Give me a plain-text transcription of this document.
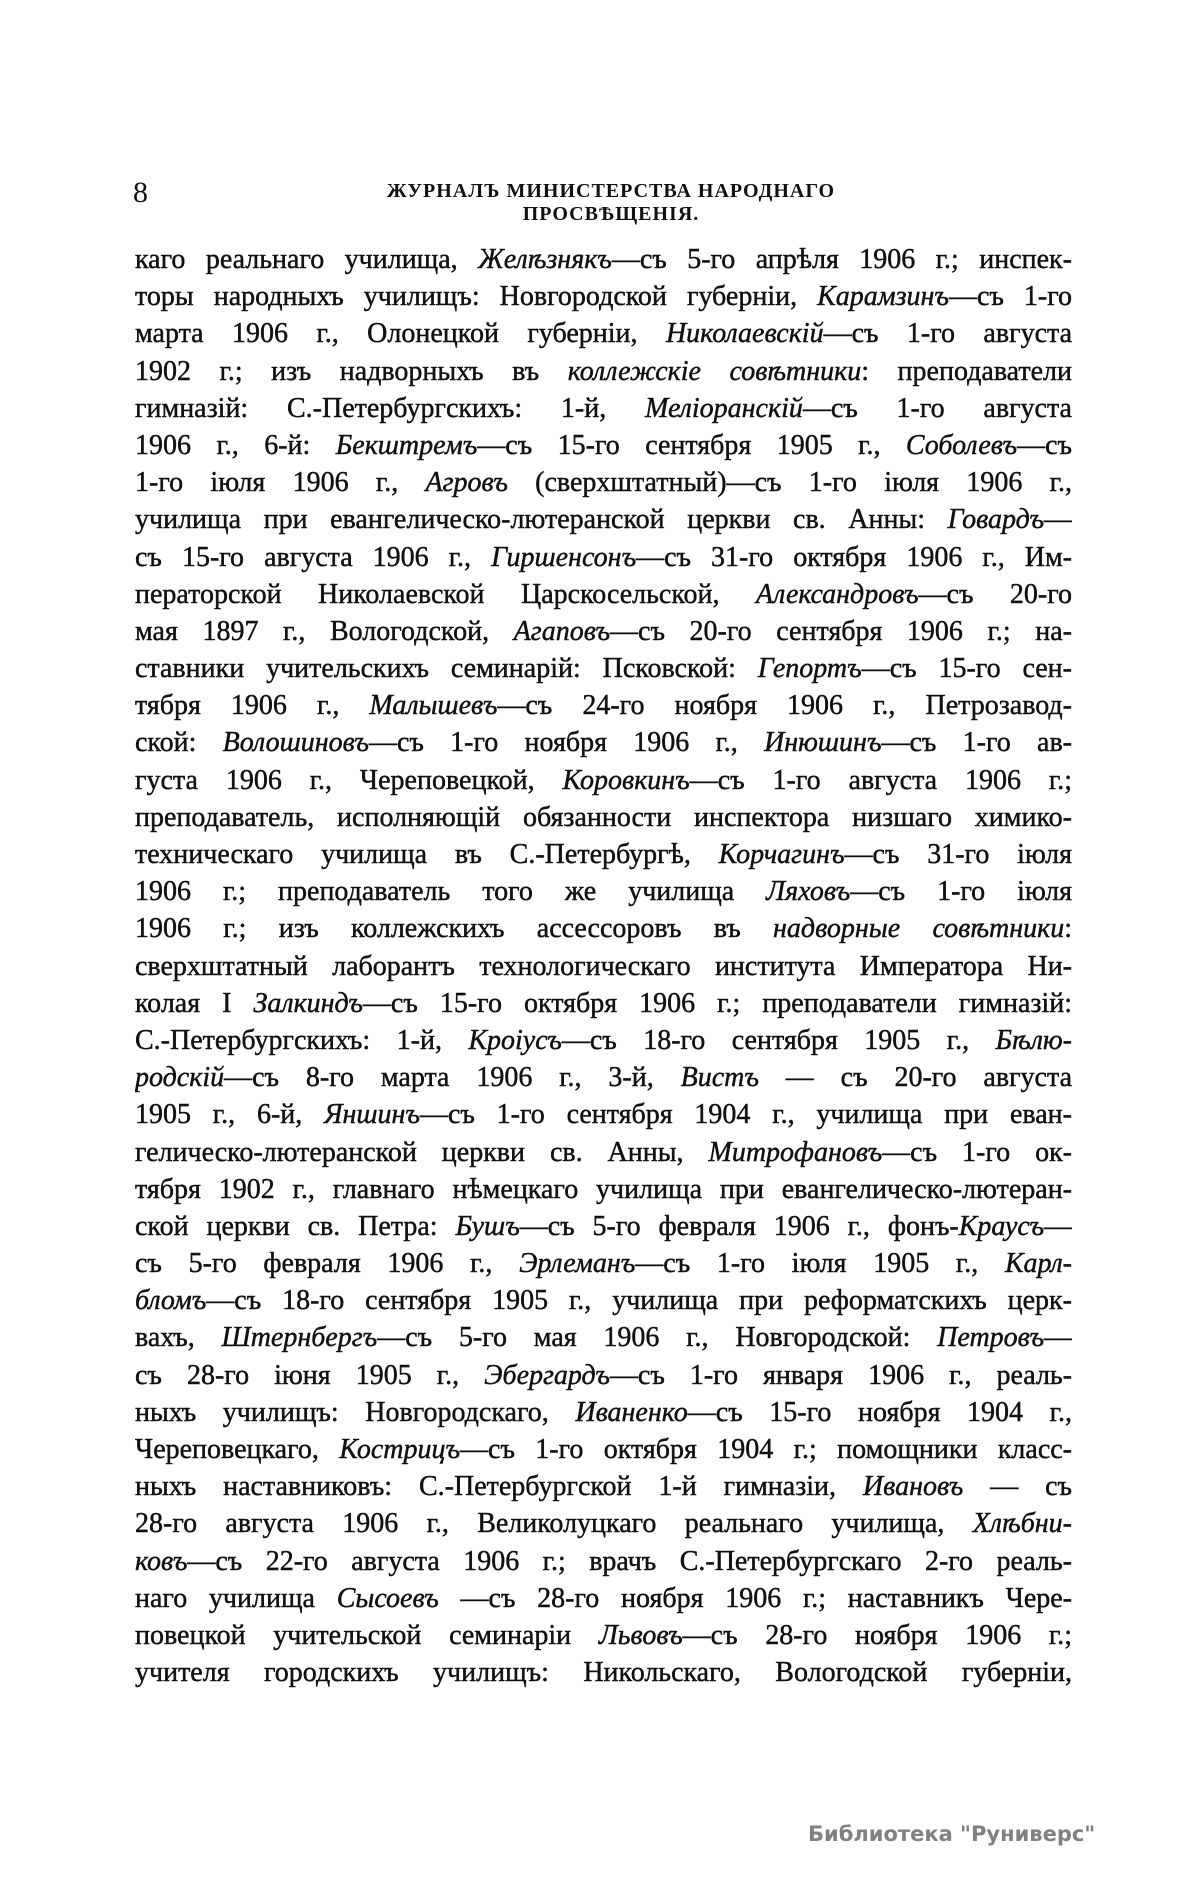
8	ЖУРНАЛЪ МИНИСТЕРСТВА НАРОДНАГО ПРОСВѢЩЕНІЯ.
каго реальнаго училища, Желѣзнякъ—съ 5-го апрѣля 1906 г.; инспек-
торы народныхъ училищъ: Новгородской губерніи, Карамзинъ—съ 1-го
марта 1906 г., Олонецкой губерніи, Николаевскій—съ 1-го августа
1902 г.; изъ надворныхъ въ коллежскіе совѣтники: преподаватели
гимназій: С.-Петербургскихъ: 1-й, Меліоранскій—съ 1-го августа
1906 г., 6-й: Бекштремъ—съ 15-го сентября 1905 г., Соболевъ—съ
1-го іюля 1906 г., Агровъ (сверхштатный)—съ 1-го іюля 1906 г.,
училища при евангелическо-лютеранской церкви св. Анны: Говардъ—
съ 15-го августа 1906 г., Гиршенсонъ—съ 31-го октября 1906 г., Им-
ператорской Николаевской Царскосельской, Александровъ—съ 20-го
мая 1897 г., Вологодской, Агаповъ—съ 20-го сентября 1906 г.; на-
ставники учительскихъ семинарій: Псковской: Гепортъ—съ 15-го сен-
тября 1906 г., Малышевъ—съ 24-го ноября 1906 г., Петрозавод-
ской: Волошиновъ—съ 1-го ноября 1906 г., Инюшинъ—съ 1-го ав-
густа 1906 г., Череповецкой, Коровкинъ—съ 1-го августа 1906 г.;
преподаватель, исполняющій обязанности инспектора низшаго химико-
техническаго училища въ С.-Петербургѣ, Корчагинъ—съ 31-го іюля
1906 г.; преподаватель того же училища Ляховъ—съ 1-го іюля
1906 г.; изъ коллежскихъ ассессоровъ въ надворные совѣтники:
сверхштатный лаборантъ технологическаго института Императора Ни-
колая I Залкиндъ—съ 15-го октября 1906 г.; преподаватели гимназій:
С.-Петербургскихъ: 1-й, Кроіусъ—съ 18-го сентября 1905 г., Бѣлю-
родскій—съ 8-го марта 1906 г., 3-й, Вистъ — съ 20-го августа
1905 г., 6-й, Яншинъ—съ 1-го сентября 1904 г., училища при еван-
гелическо-лютеранской церкви св. Анны, Митрофановъ—съ 1-го ок-
тября 1902 г., главнаго нѣмецкаго училища при евангелическо-лютеран-
ской церкви св. Петра: Бушъ—съ 5-го февраля 1906 г., фонъ-Краусъ—
съ 5-го февраля 1906 г., Эрлеманъ—съ 1-го іюля 1905 г., Карл-
бломъ—съ 18-го сентября 1905 г., училища при реформатскихъ церк-
вахъ, Штернбергъ—съ 5-го мая 1906 г., Новгородской: Петровъ—
съ 28-го іюня 1905 г., Эбергардъ—съ 1-го января 1906 г., реаль-
ныхъ училищъ: Новгородскаго, Иваненко—съ 15-го ноября 1904 г.,
Череповецкаго, Кострицъ—съ 1-го октября 1904 г.; помощники класс-
ныхъ наставниковъ: С.-Петербургской 1-й гимназіи, Ивановъ — съ
28-го августа 1906 г., Великолуцкаго реальнаго училища, Хлѣбни-
ковъ—съ 22-го августа 1906 г.; врачъ С.-Петербургскаго 2-го реаль-
наго училища Сысоевъ —съ 28-го ноября 1906 г.; наставникъ Чере-
повецкой учительской семинаріи Львовъ—съ 28-го ноября 1906 г.;
учителя городскихъ училищъ: Никольскаго, Вологодской губерніи,
Библиотека "Руниверс"
